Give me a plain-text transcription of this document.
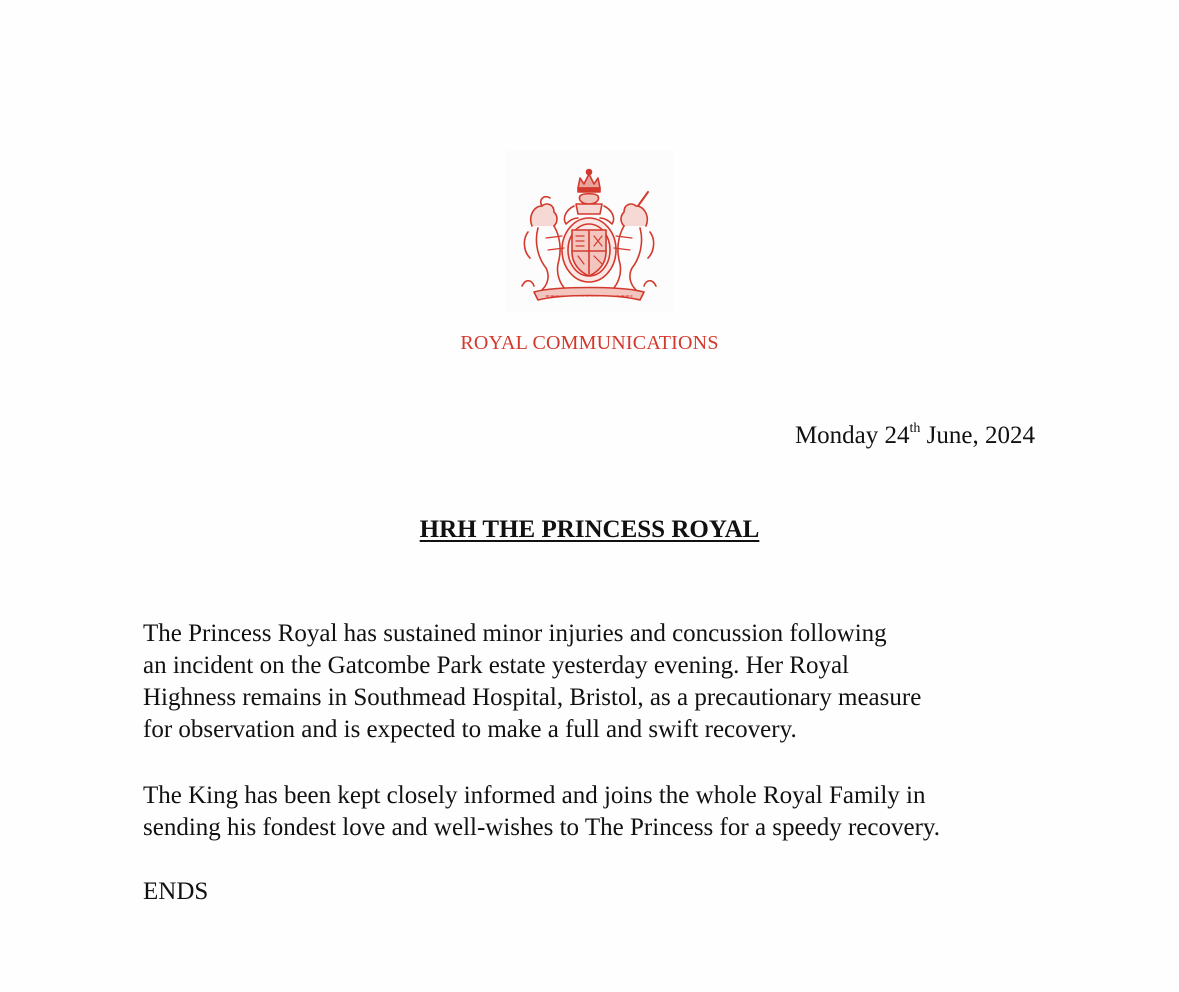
ROYAL COMMUNICATIONS
Monday 24th June, 2024
HRH THE PRINCESS ROYAL

The Princess Royal has sustained minor injuries and concussion following
an incident on the Gatcombe Park estate yesterday evening. Her Royal
Highness remains in Southmead Hospital, Bristol, as a precautionary measure
for observation and is expected to make a full and swift recovery.

The King has been kept closely informed and joins the whole Royal Family in
sending his fondest love and well-wishes to The Princess for a speedy recovery.

ENDS
